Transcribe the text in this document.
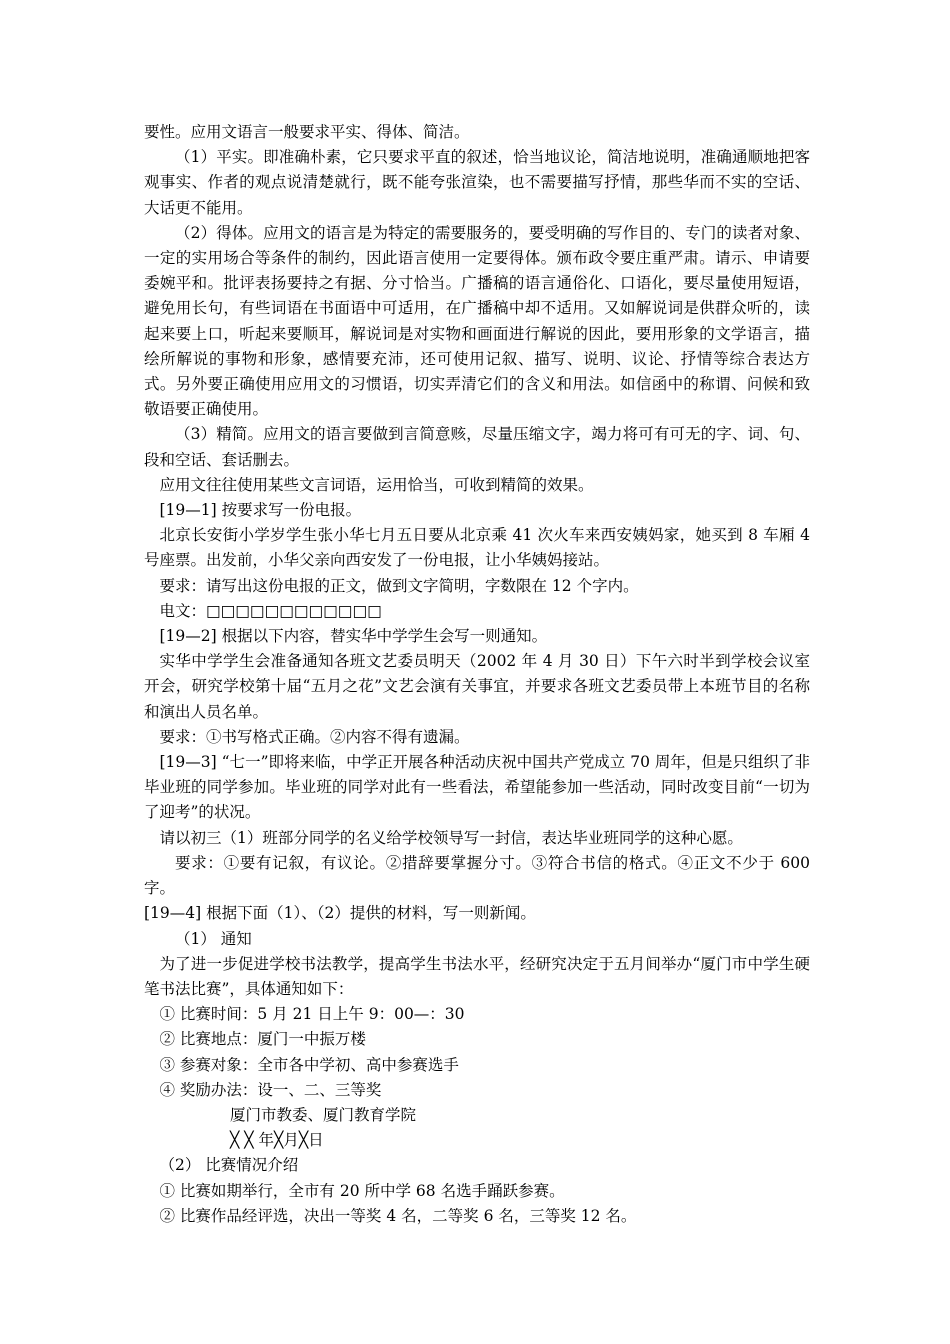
要性。应用文语言一般要求平实、得体、简洁。

（1）平实。即准确朴素，它只要求平直的叙述，恰当地议论，简洁地说明，准确通顺地把客观事实、作者的观点说清楚就行，既不能夸张渲染，也不需要描写抒情，那些华而不实的空话、大话更不能用。

（2）得体。应用文的语言是为特定的需要服务的，要受明确的写作目的、专门的读者对象、一定的实用场合等条件的制约，因此语言使用一定要得体。颁布政令要庄重严肃。请示、申请要委婉平和。批评表扬要持之有据、分寸恰当。广播稿的语言通俗化、口语化，要尽量使用短语，避免用长句，有些词语在书面语中可适用，在广播稿中却不适用。又如解说词是供群众听的，读起来要上口，听起来要顺耳，解说词是对实物和画面进行解说的因此，要用形象的文学语言，描绘所解说的事物和形象，感情要充沛，还可使用记叙、描写、说明、议论、抒情等综合表达方式。另外要正确使用应用文的习惯语，切实弄清它们的含义和用法。如信函中的称谓、问候和致敬语要正确使用。

（3）精简。应用文的语言要做到言简意赅，尽量压缩文字，竭力将可有可无的字、词、句、段和空话、套话删去。

应用文往往使用某些文言词语，运用恰当，可收到精简的效果。

[19—1] 按要求写一份电报。

北京长安街小学岁学生张小华七月五日要从北京乘 41 次火车来西安姨妈家，她买到 8 车厢 4 号座票。出发前，小华父亲向西安发了一份电报，让小华姨妈接站。

要求：请写出这份电报的正文，做到文字简明，字数限在 12 个字内。

电文：□□□□□□□□□□□□

[19—2] 根据以下内容，替实华中学学生会写一则通知。

实华中学学生会准备通知各班文艺委员明天（2002 年 4 月 30 日）下午六时半到学校会议室开会，研究学校第十届“五月之花”文艺会演有关事宜，并要求各班文艺委员带上本班节目的名称和演出人员名单。

要求：①书写格式正确。②内容不得有遗漏。

[19—3] “七一”即将来临，中学正开展各种活动庆祝中国共产党成立 70 周年，但是只组织了非毕业班的同学参加。毕业班的同学对此有一些看法，希望能参加一些活动，同时改变目前“一切为了迎考”的状况。

请以初三（1）班部分同学的名义给学校领导写一封信，表达毕业班同学的这种心愿。

要求：①要有记叙，有议论。②措辞要掌握分寸。③符合书信的格式。④正文不少于 600 字。

[19—4] 根据下面（1）、（2）提供的材料，写一则新闻。

（1） 通知

为了进一步促进学校书法教学，提高学生书法水平，经研究决定于五月间举办“厦门市中学生硬笔书法比赛”，具体通知如下：

① 比赛时间：5 月 21 日上午 9：00—：30

② 比赛地点：厦门一中振万楼

③ 参赛对象：全市各中学初、高中参赛选手

④ 奖励办法：设一、二、三等奖

厦门市教委、厦门教育学院

╳ ╳ 年╳月╳日

（2） 比赛情况介绍

① 比赛如期举行，全市有 20 所中学 68 名选手踊跃参赛。

② 比赛作品经评选，决出一等奖 4 名，二等奖 6 名，三等奖 12 名。
